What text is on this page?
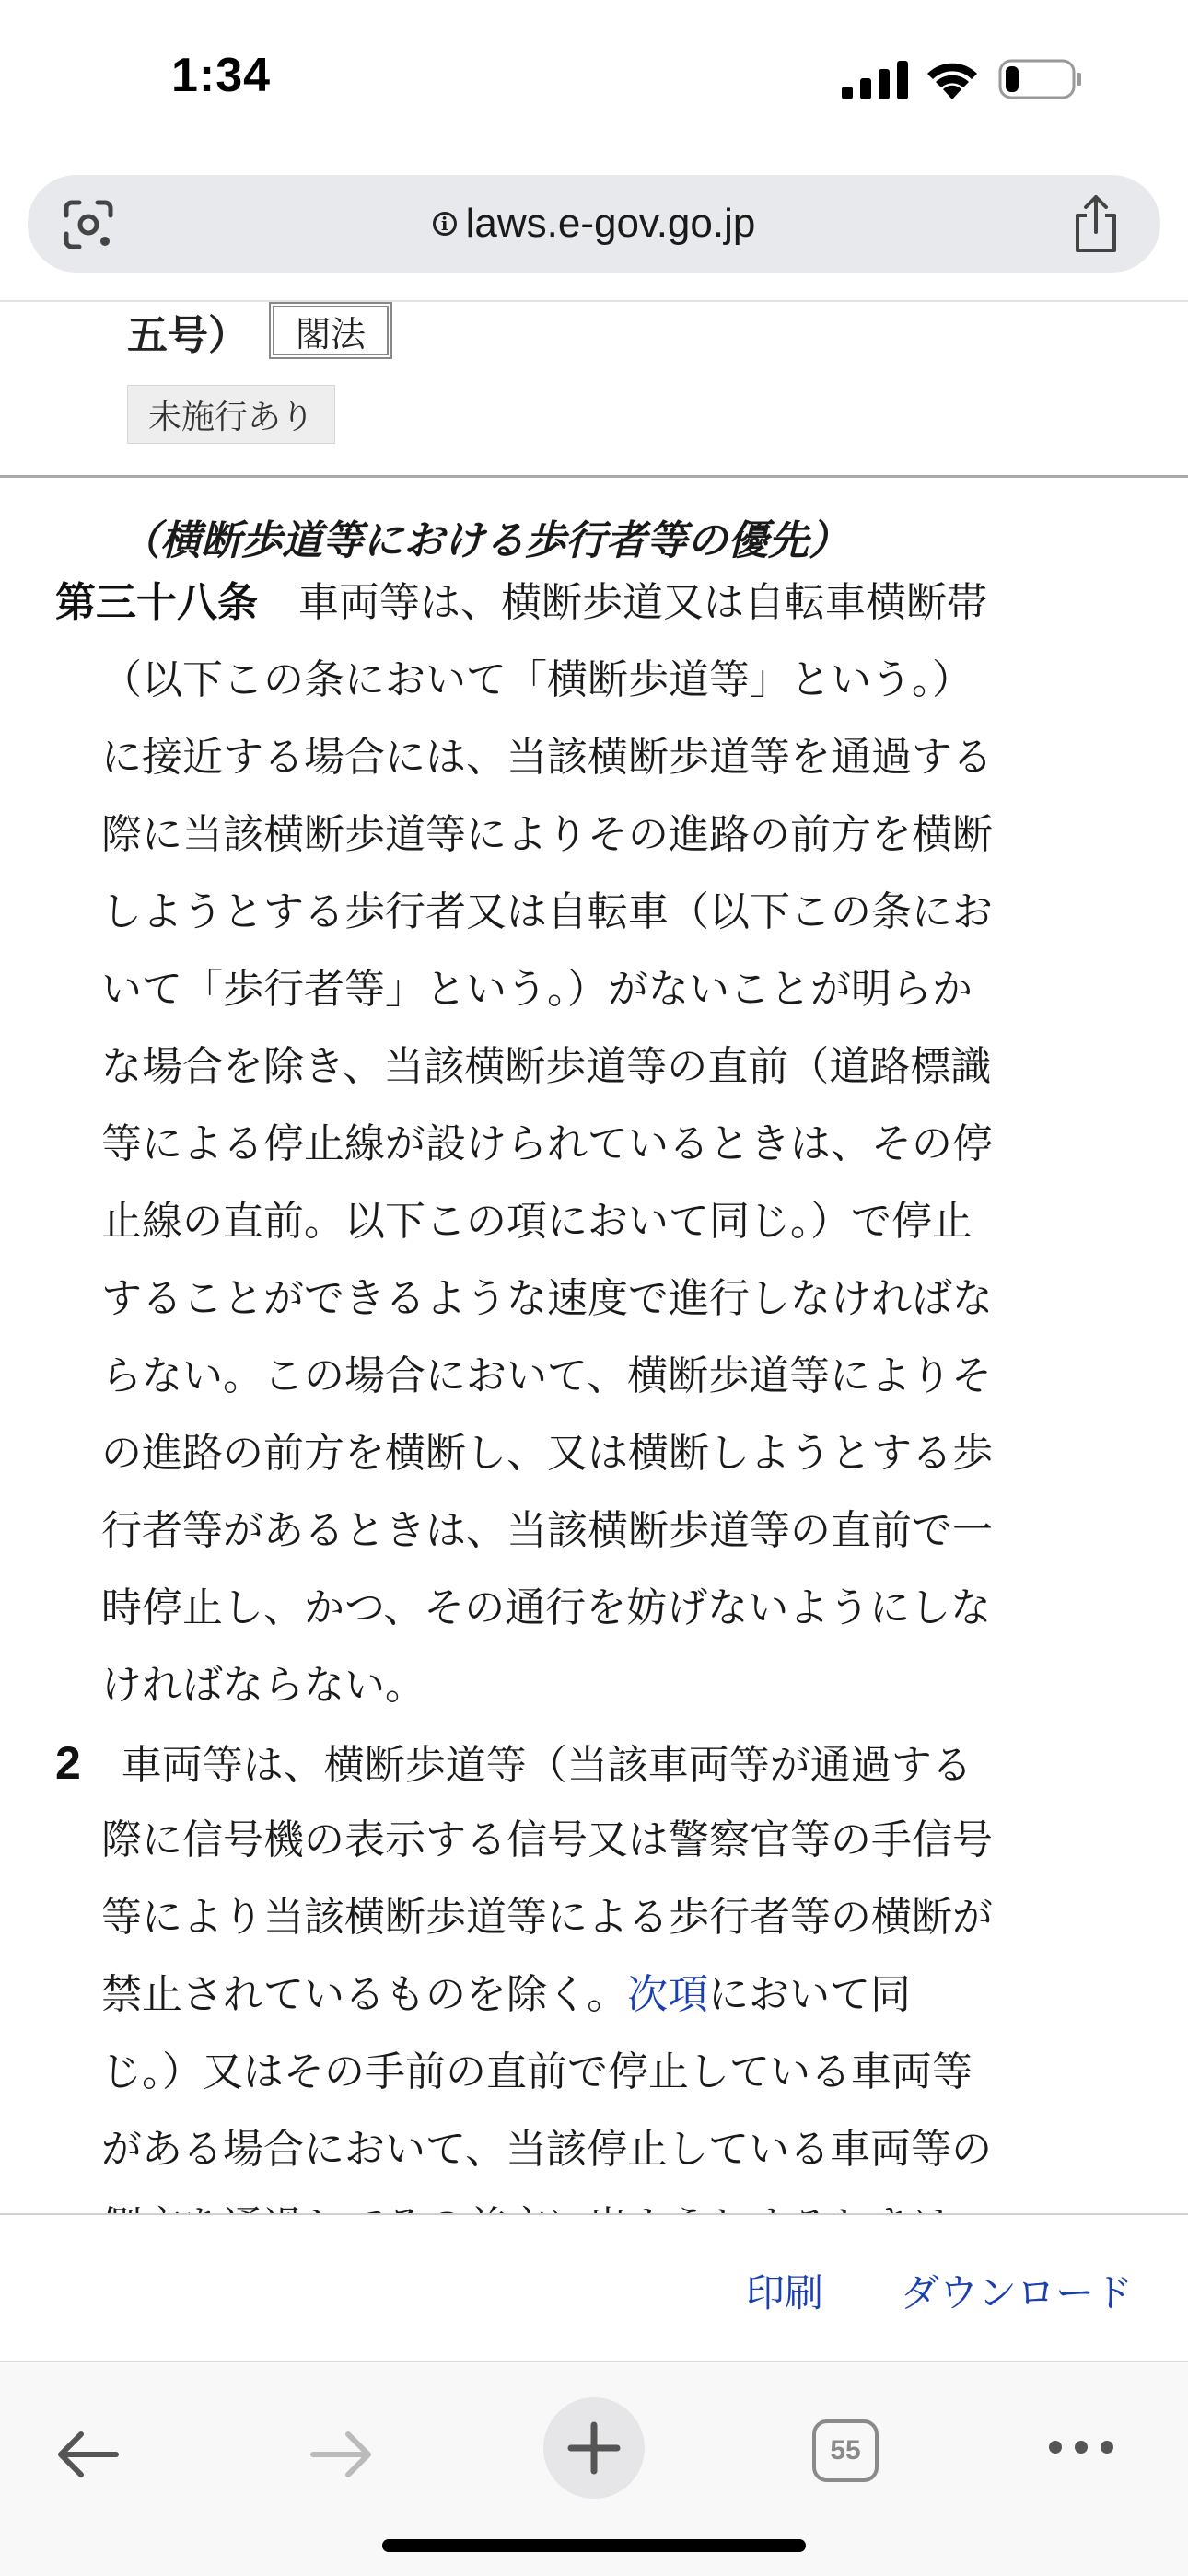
1:34
i laws.e-gov.go.jp
五号）	閣法
未施行あり
（横断歩道等における歩行者等の優先）
第三十八条　車両等は、横断歩道又は自転車横断帯
（以下この条において「横断歩道等」という。）
に接近する場合には、当該横断歩道等を通過する
際に当該横断歩道等によりその進路の前方を横断
しようとする歩行者又は自転車（以下この条にお
いて「歩行者等」という。）がないことが明らか
な場合を除き、当該横断歩道等の直前（道路標識
等による停止線が設けられているときは、その停
止線の直前。以下この項において同じ。）で停止
することができるような速度で進行しなければな
らない。この場合において、横断歩道等によりそ
の進路の前方を横断し、又は横断しようとする歩
行者等があるときは、当該横断歩道等の直前で一
時停止し、かつ、その通行を妨げないようにしな
ければならない。
2　車両等は、横断歩道等（当該車両等が通過する
際に信号機の表示する信号又は警察官等の手信号
等により当該横断歩道等による歩行者等の横断が
禁止されているものを除く。次項において同
じ。）又はその手前の直前で停止している車両等
がある場合において、当該停止している車両等の
印刷 ダウンロード
55
